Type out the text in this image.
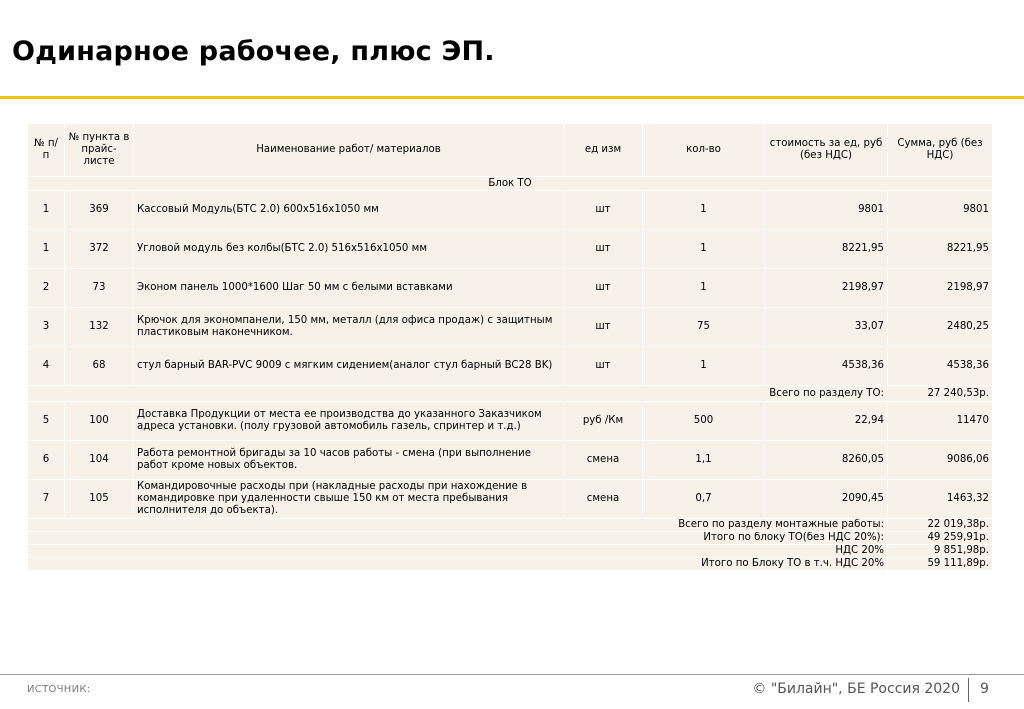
Одинарное рабочее, плюс ЭП.
№ п/п	№ пункта в прайс-листе	Наименование работ/ материалов	ед изм	кол-во	стоимость за ед, руб (без НДС)	Сумма, руб (без НДС)
Блок ТО						
1	369	Кассовый Модуль(БТС 2.0) 600х516х1050 мм	шт	1	9801	9801
1	372	Угловой модуль без колбы(БТС 2.0) 516х516х1050 мм	шт	1	8221,95	8221,95
2	73	Эконом панель 1000*1600 Шаг 50 мм с белыми вставками	шт	1	2198,97	2198,97
3	132	Крючок для экономпанели, 150 мм, металл (для офиса продаж) с защитным пластиковым наконечником.	шт	75	33,07	2480,25
4	68	стул барный BAR-PVC 9009 с мягким сидением(аналог стул барный BC28 BK)	шт	1	4538,36	4538,36
Всего по разделу ТО:						27 240,53р.
5	100	Доставка Продукции от места ее производства до указанного Заказчиком адреса установки. (полу грузовой автомобиль газель, спринтер и т.д.)	руб /Км	500	22,94	11470
6	104	Работа ремонтной бригады за 10 часов работы - смена (при выполнение работ кроме новых объектов.	смена	1,1	8260,05	9086,06
7	105	Командировочные расходы при (накладные расходы при нахождение в командировке при удаленности свыше 150 км от места пребывания исполнителя до объекта).	смена	0,7	2090,45	1463,32
Всего по разделу монтажные работы:						22 019,38р.
Итого по блоку ТО(без НДС 20%):						49 259,91р.
НДС 20%						9 851,98р.
Итого по Блоку ТО в т.ч. НДС 20%						59 111,89р.
ИСТОЧНИК:	© "Билайн", БЕ Россия 2020 9
